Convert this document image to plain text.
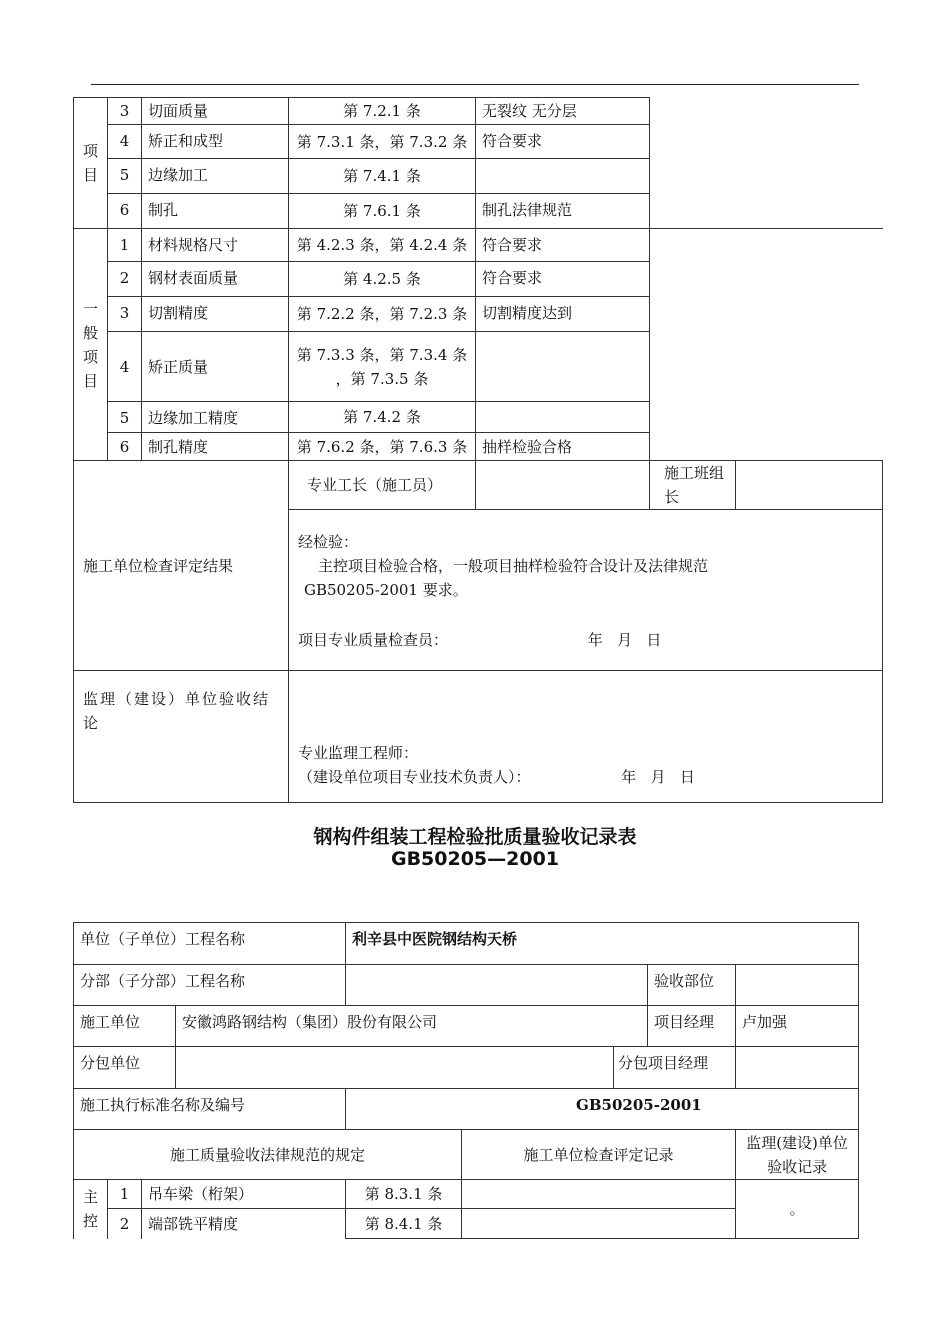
项
目	3	切面质量	第 7.2.1 条	无裂纹 无分层		
	4	矫正和成型	第 7.3.1 条，第 7.3.2 条	符合要求		
	5	边缘加工	第 7.4.1 条			
	6	制孔	第 7.6.1 条	制孔法律规范		
一
般
项
目	1	材料规格尺寸	第 4.2.3 条，第 4.2.4 条	符合要求		
	2	钢材表面质量	第 4.2.5 条	符合要求		
	3	切割精度	第 7.2.2 条，第 7.2.3 条	切割精度达到		
	4	矫正质量	第 7.3.3 条，第 7.3.4 条
，第 7.3.5 条			
	5	边缘加工精度	第 7.4.2 条			
	6	制孔精度	第 7.6.2 条，第 7.6.3 条	抽样检验合格		
施工单位检查评定结果			专业工长（施工员）		施工班组长	

			经检验：
主控项目检验合格，一般项目抽样检验符合设计及法律规范
GB50205-2001 要求。
项目专业质量检查员： 年   月   日			

监理（建设）单位验收结论			专业监理工程师：
（建设单位项目专业技术负责人）： 年   月   日			
钢构件组装工程检验批质量验收记录表
GB50205—2001
单位（子单位）工程名称				利辛县中医院钢结构天桥				
分部（子分部）工程名称							验收部位	
施工单位			安徽鸿路钢结构（集团）股份有限公司				项目经理	卢加强
分包单位						分包项目经理		
施工执行标准名称及编号				GB50205-2001				
施工质量验收法律规范的规定					施工单位检查评定记录			监理(建设)单位验收记录
主
控	1	吊车梁（桁架）		第 8.3.1 条				。
	2	端部铣平精度		第 8.4.1 条				
